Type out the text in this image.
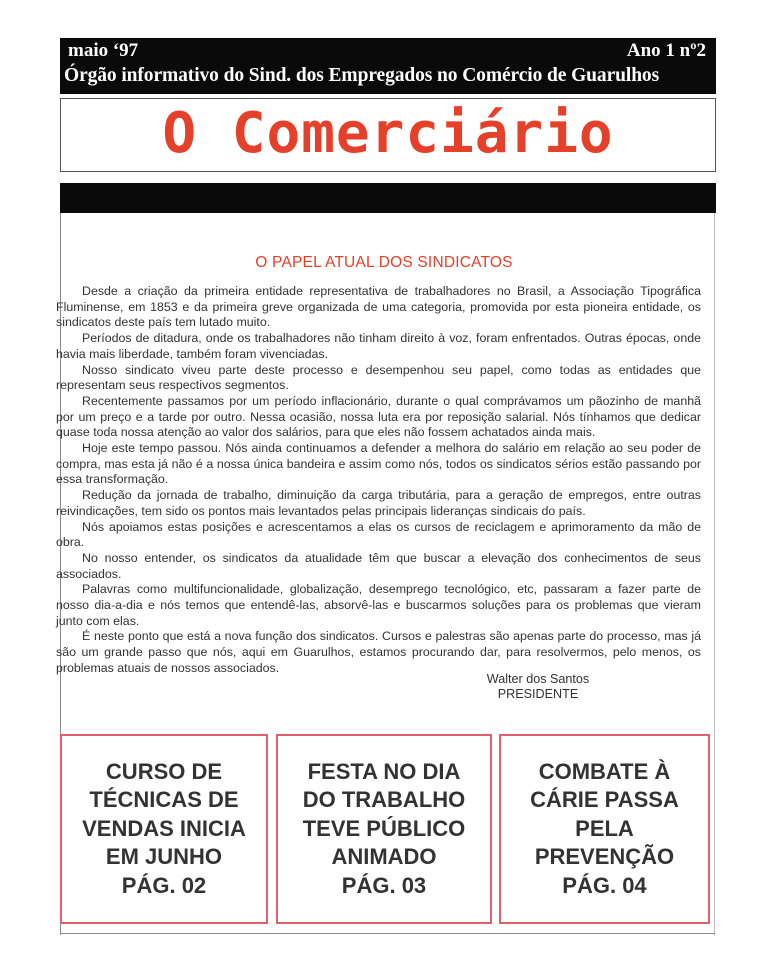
maio ‘97	Ano 1 nº2
Órgão informativo do Sind. dos Empregados no Comércio de Guarulhos
O Comerciário
O PAPEL ATUAL DOS SINDICATOS

Desde a criação da primeira entidade representativa de trabalhadores no Brasil, a Associação Tipográfica Fluminense, em 1853 e da primeira greve organizada de uma categoria, promovida por esta pioneira entidade, os sindicatos deste país tem lutado muito.

Períodos de ditadura, onde os trabalhadores não tinham direito à voz, foram enfrentados. Outras épocas, onde havia mais liberdade, também foram vivenciadas.

Nosso sindicato viveu parte deste processo e desempenhou seu papel, como todas as entidades que representam seus respectivos segmentos.

Recentemente passamos por um período inflacionário, durante o qual comprávamos um pãozinho de manhã por um preço e a tarde por outro. Nessa ocasião, nossa luta era por reposição salarial. Nós tínhamos que dedicar quase toda nossa atenção ao valor dos salários, para que eles não fossem achatados ainda mais.

Hoje este tempo passou. Nós ainda continuamos a defender a melhora do salário em relação ao seu poder de compra, mas esta já não é a nossa única bandeira e assim como nós, todos os sindicatos sérios estão passando por essa transformação.

Redução da jornada de trabalho, diminuição da carga tributária, para a geração de empregos, entre outras reivindicações, tem sido os pontos mais levantados pelas principais lideranças sindicais do país.

Nós apoiamos estas posições e acrescentamos a elas os cursos de reciclagem e aprimoramento da mão de obra.

No nosso entender, os sindicatos da atualidade têm que buscar a elevação dos conhecimentos de seus associados.

Palavras como multifuncionalidade, globalização, desemprego tecnológico, etc, passaram a fazer parte de nosso dia-a-dia e nós temos que entendê-las, absorvê-las e buscarmos soluções para os problemas que vieram junto com elas.

É neste ponto que está a nova função dos sindicatos. Cursos e palestras são apenas parte do processo, mas já são um grande passo que nós, aqui em Guarulhos, estamos procurando dar, para resolvermos, pelo menos, os problemas atuais de nossos associados.

Walter dos Santos
PRESIDENTE
CURSO DE
TÉCNICAS DE
VENDAS INICIA
EM JUNHO
PÁG. 02
FESTA NO DIA
DO TRABALHO
TEVE PÚBLICO
ANIMADO
PÁG. 03
COMBATE À
CÁRIE PASSA
PELA
PREVENÇÃO
PÁG. 04
